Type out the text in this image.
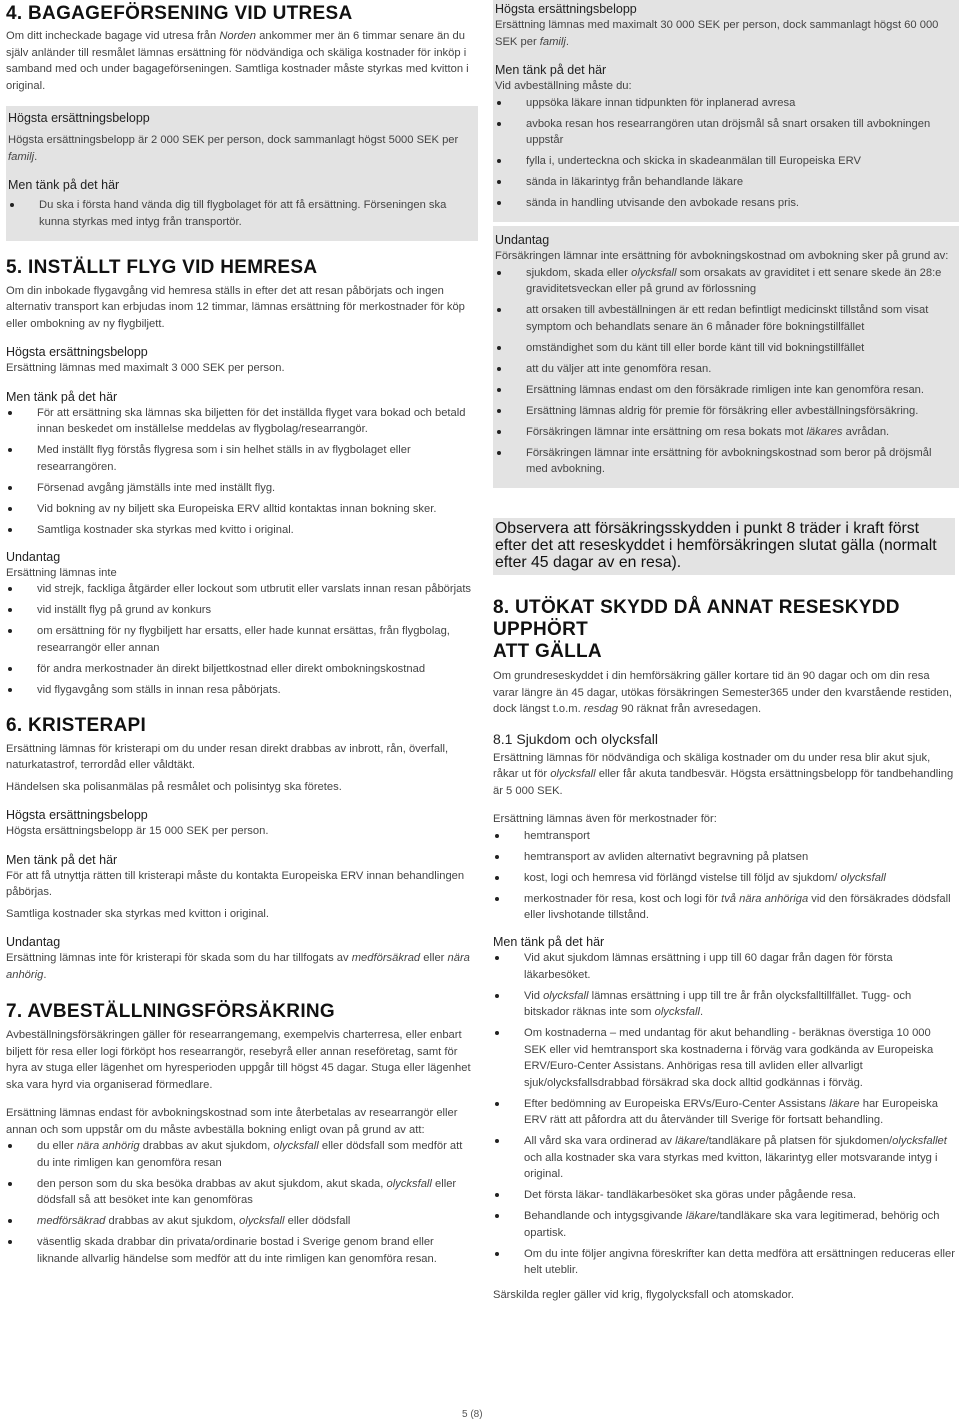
4. BAGAGEFÖRSENING VID UTRESA

Om ditt incheckade bagage vid utresa från Norden ankommer mer än 6 timmar senare än du själv anländer till resmålet lämnas ersättning för nödvändiga och skäliga kostnader för inköp i samband med och under bagageförseningen. Samtliga kostnader måste styrkas med kvitton i original.

Högsta ersättningsbelopp

Högsta ersättningsbelopp är 2 000 SEK per person, dock sammanlagt högst 5000 SEK per familj.

Men tänk på det här

Du ska i första hand vända dig till flygbolaget för att få ersättning. Förseningen ska kunna styrkas med intyg från transportör.
5. INSTÄLLT FLYG VID HEMRESA

Om din inbokade flygavgång vid hemresa ställs in efter det att resan påbörjats och ingen alternativ transport kan erbjudas inom 12 timmar, lämnas ersättning för merkostnader för köp eller ombokning av ny flygbiljett.

Högsta ersättningsbelopp

Ersättning lämnas med maximalt 3 000 SEK per person.

Men tänk på det här

För att ersättning ska lämnas ska biljetten för det inställda flyget vara bokad och betald innan beskedet om inställelse meddelas av flygbolag/researrangör.
Med inställt flyg förstås flygresa som i sin helhet ställs in av flygbolaget eller researrangören.
Försenad avgång jämställs inte med inställt flyg.
Vid bokning av ny biljett ska Europeiska ERV alltid kontaktas innan bokning sker.
Samtliga kostnader ska styrkas med kvitto i original.

Undantag

Ersättning lämnas inte

vid strejk, fackliga åtgärder eller lockout som utbrutit eller varslats innan resan påbörjats
vid inställt flyg på grund av konkurs
om ersättning för ny flygbiljett har ersatts, eller hade kunnat ersättas, från flygbolag, researrangör eller annan
för andra merkostnader än direkt biljettkostnad eller direkt ombokningskostnad
vid flygavgång som ställs in innan resa påbörjats.
6. KRISTERAPI

Ersättning lämnas för kristerapi om du under resan direkt drabbas av inbrott, rån, överfall, naturkatastrof, terrordåd eller våldtäkt.

Händelsen ska polisanmälas på resmålet och polisintyg ska företes.

Högsta ersättningsbelopp

Högsta ersättningsbelopp är 15 000 SEK per person.

Men tänk på det här

För att få utnyttja rätten till kristerapi måste du kontakta Europeiska ERV innan behandlingen påbörjas.

Samtliga kostnader ska styrkas med kvitton i original.

Undantag

Ersättning lämnas inte för kristerapi för skada som du har tillfogats av medförsäkrad eller nära anhörig.

7. AVBESTÄLLNINGSFÖRSÄKRING

Avbeställningsförsäkringen gäller för researrangemang, exempelvis charterresa, eller enbart biljett för resa eller logi förköpt hos researrangör, resebyrå eller annan reseföretag, samt för hyra av stuga eller lägenhet om hyresperioden uppgår till högst 45 dagar. Stuga eller lägenhet ska vara hyrd via organiserad förmedlare.

Ersättning lämnas endast för avbokningskostnad som inte återbetalas av researrangör eller annan och som uppstår om du måste avbeställa bokning enligt ovan på grund av att:

du eller nära anhörig drabbas av akut sjukdom, olycksfall eller dödsfall som medför att du inte rimligen kan genomföra resan
den person som du ska besöka drabbas av akut sjukdom, akut skada, olycksfall eller dödsfall så att besöket inte kan genomföras
medförsäkrad drabbas av akut sjukdom, olycksfall eller dödsfall
väsentlig skada drabbar din privata/ordinarie bostad i Sverige genom brand eller liknande allvarlig händelse som medför att du inte rimligen kan genomföra resan.

Högsta ersättningsbelopp

Ersättning lämnas med maximalt 30 000 SEK per person, dock sammanlagt högst 60 000 SEK per familj.

Men tänk på det här

Vid avbeställning måste du:

uppsöka läkare innan tidpunkten för inplanerad avresa
avboka resan hos researrangören utan dröjsmål så snart orsaken till avbokningen uppstår
fylla i, underteckna och skicka in skadeanmälan till Europeiska ERV
sända in läkarintyg från behandlande läkare
sända in handling utvisande den avbokade resans pris.

Undantag

Försäkringen lämnar inte ersättning för avbokningskostnad om avbokning sker på grund av:

sjukdom, skada eller olycksfall som orsakats av graviditet i ett senare skede än 28:e graviditetsveckan eller på grund av förlossning
att orsaken till avbeställningen är ett redan befintligt medicinskt tillstånd som visat symptom och behandlats senare än 6 månader före bokningstillfället
omständighet som du känt till eller borde känt till vid bokningstillfället
att du väljer att inte genomföra resan.
Ersättning lämnas endast om den försäkrade rimligen inte kan genomföra resan.
Ersättning lämnas aldrig för premie för försäkring eller avbeställningsförsäkring.
Försäkringen lämnar inte ersättning om resa bokats mot läkares avrådan.
Försäkringen lämnar inte ersättning för avbokningskostnad som beror på dröjsmål med avbokning.
Observera att försäkringsskydden i punkt 8 träder i kraft först efter det att reseskyddet i hemförsäkringen slutat gälla (normalt efter 45 dagar av en resa).
8. UTÖKAT SKYDD DÅ ANNAT RESESKYDD UPPHÖRT
ATT GÄLLA

Om grundreseskyddet i din hemförsäkring gäller kortare tid än 90 dagar och om din resa varar längre än 45 dagar, utökas försäkringen Semester365 under den kvarstående restiden, dock längst t.o.m. resdag 90 räknat från avresedagen.

8.1 Sjukdom och olycksfall

Ersättning lämnas för nödvändiga och skäliga kostnader om du under resa blir akut sjuk, råkar ut för olycksfall eller får akuta tandbesvär. Högsta ersättningsbelopp för tandbehandling är 5 000 SEK.

Ersättning lämnas även för merkostnader för:

hemtransport
hemtransport av avliden alternativt begravning på platsen
kost, logi och hemresa vid förlängd vistelse till följd av sjukdom/ olycksfall
merkostnader för resa, kost och logi för två nära anhöriga vid den försäkrades dödsfall eller livshotande tillstånd.

Men tänk på det här

Vid akut sjukdom lämnas ersättning i upp till 60 dagar från dagen för första läkarbesöket.
Vid olycksfall lämnas ersättning i upp till tre år från olycksfalltillfället. Tugg- och bitskador räknas inte som olycksfall.
Om kostnaderna – med undantag för akut behandling - beräknas överstiga 10 000 SEK eller vid hemtransport ska kostnaderna i förväg vara godkända av Europeiska ERV/Euro-Center Assistans. Anhörigas resa till avliden eller allvarligt sjuk/olycksfallsdrabbad försäkrad ska dock alltid godkännas i förväg.
Efter bedömning av Europeiska ERVs/Euro-Center Assistans läkare har Europeiska ERV rätt att påfordra att du återvänder till Sverige för fortsatt behandling.
All vård ska vara ordinerad av läkare/tandläkare på platsen för sjukdomen/olycksfallet och alla kostnader ska vara styrkas med kvitton, läkarintyg eller motsvarande intyg i original.
Det första läkar- tandläkarbesöket ska göras under pågående resa.
Behandlande och intygsgivande läkare/tandläkare ska vara legitimerad, behörig och opartisk.
Om du inte följer angivna föreskrifter kan detta medföra att ersättningen reduceras eller helt uteblir.

Särskilda regler gäller vid krig, flygolycksfall och atomskador.

5 (8)
